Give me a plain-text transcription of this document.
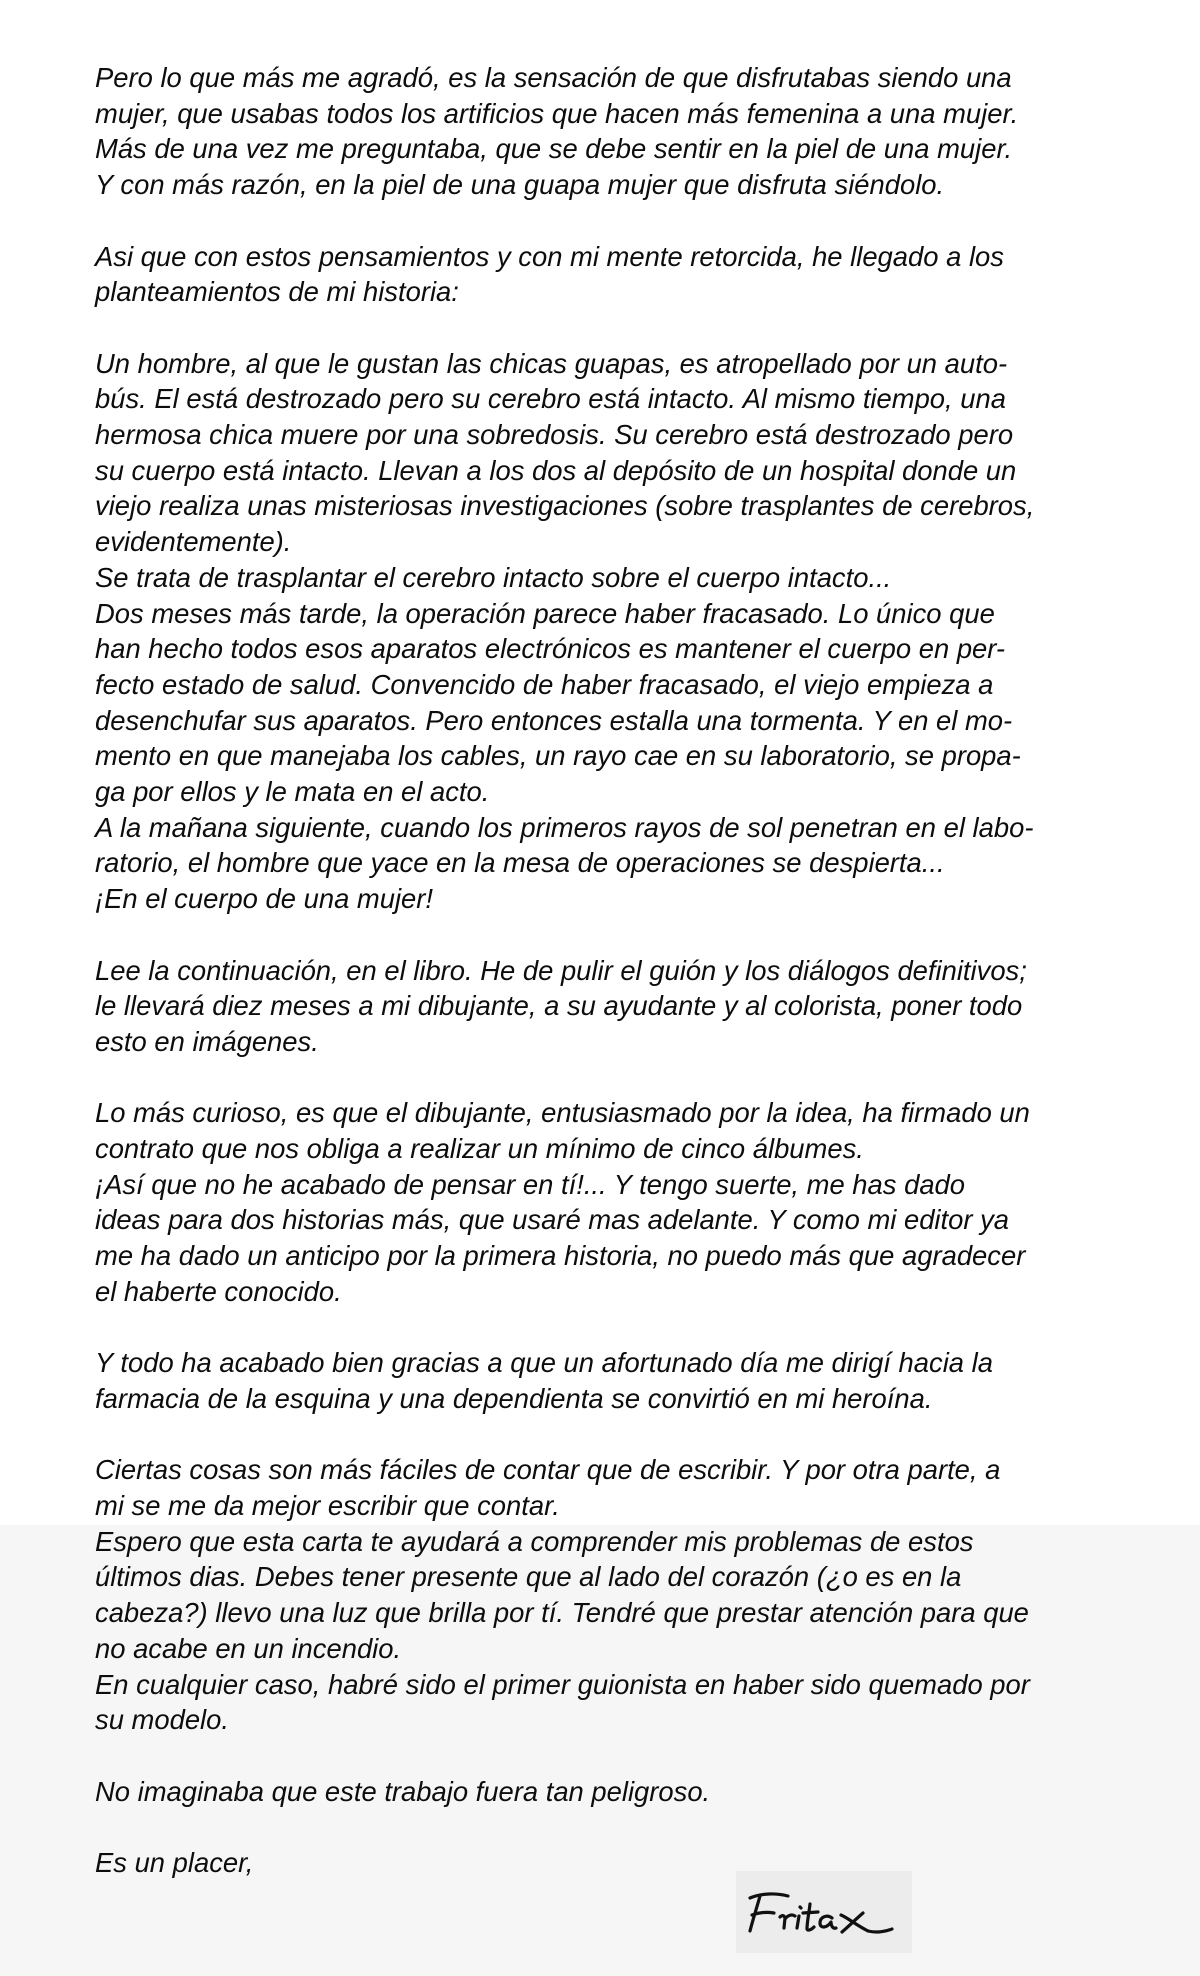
Pero lo que más me agradó, es la sensación de que disfrutabas siendo una
mujer, que usabas todos los artificios que hacen más femenina a una mujer.
Más de una vez me preguntaba, que se debe sentir en la piel de una mujer.
Y con más razón, en la piel de una guapa mujer que disfruta siéndolo.

Asi que con estos pensamientos y con mi mente retorcida, he llegado a los
planteamientos de mi historia:

Un hombre, al que le gustan las chicas guapas, es atropellado por un auto-
bús. El está destrozado pero su cerebro está intacto. Al mismo tiempo, una
hermosa chica muere por una sobredosis. Su cerebro está destrozado pero
su cuerpo está intacto. Llevan a los dos al depósito de un hospital donde un
viejo realiza unas misteriosas investigaciones (sobre trasplantes de cerebros,
evidentemente).
Se trata de trasplantar el cerebro intacto sobre el cuerpo intacto...
Dos meses más tarde, la operación parece haber fracasado. Lo único que
han hecho todos esos aparatos electrónicos es mantener el cuerpo en per-
fecto estado de salud. Convencido de haber fracasado, el viejo empieza a
desenchufar sus aparatos. Pero entonces estalla una tormenta. Y en el mo-
mento en que manejaba los cables, un rayo cae en su laboratorio, se propa-
ga por ellos y le mata en el acto.
A la mañana siguiente, cuando los primeros rayos de sol penetran en el labo-
ratorio, el hombre que yace en la mesa de operaciones se despierta...
¡En el cuerpo de una mujer!

Lee la continuación, en el libro. He de pulir el guión y los diálogos definitivos;
le llevará diez meses a mi dibujante, a su ayudante y al colorista, poner todo
esto en imágenes.

Lo más curioso, es que el dibujante, entusiasmado por la idea, ha firmado un
contrato que nos obliga a realizar un mínimo de cinco álbumes.
¡Así que no he acabado de pensar en tí!... Y tengo suerte, me has dado
ideas para dos historias más, que usaré mas adelante. Y como mi editor ya
me ha dado un anticipo por la primera historia, no puedo más que agradecer
el haberte conocido.

Y todo ha acabado bien gracias a que un afortunado día me dirigí hacia la
farmacia de la esquina y una dependienta se convirtió en mi heroína.

Ciertas cosas son más fáciles de contar que de escribir. Y por otra parte, a
mi se me da mejor escribir que contar.
Espero que esta carta te ayudará a comprender mis problemas de estos
últimos dias. Debes tener presente que al lado del corazón (¿o es en la
cabeza?) llevo una luz que brilla por tí. Tendré que prestar atención para que
no acabe en un incendio.
En cualquier caso, habré sido el primer guionista en haber sido quemado por
su modelo.

No imaginaba que este trabajo fuera tan peligroso.

Es un placer,
